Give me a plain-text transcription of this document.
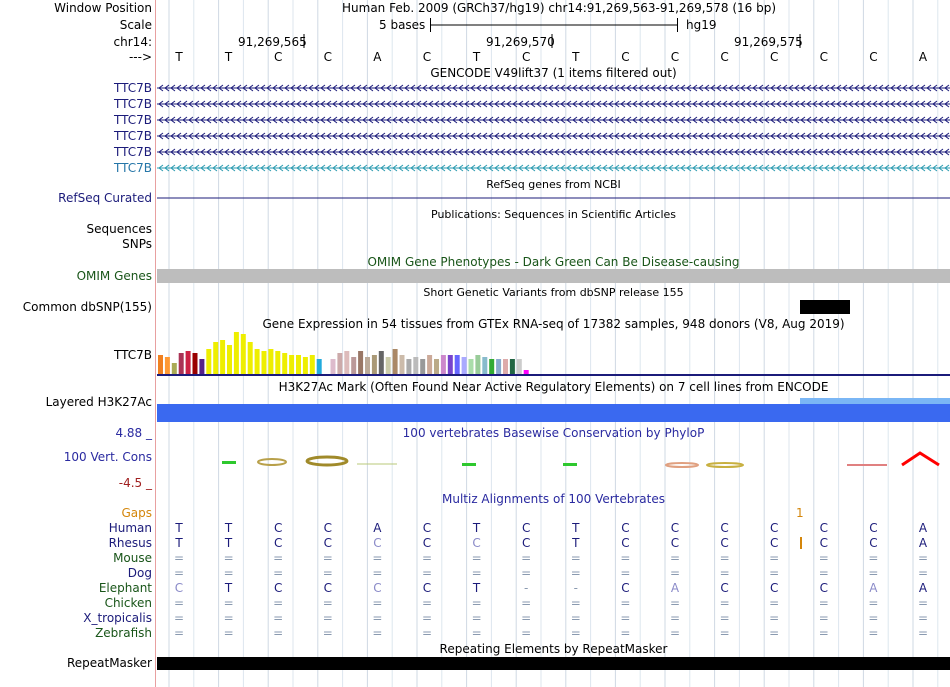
Window Position
Scale
chr14:
--->
Human Feb. 2009 (GRCh37/hg19) chr14:91,269,563-91,269,578 (16 bp)
5 bases	hg19
91,269,565	91,269,570	91,269,575
T	T	C	C	A	C	T	C	T	C	C	C	C	C	C	A
GENCODE V49lift37 (1 items filtered out)
TTC7B
TTC7B
TTC7B
TTC7B
TTC7B
TTC7B
RefSeq genes from NCBI
RefSeq Curated
Publications: Sequences in Scientific Articles
Sequences
SNPs
OMIM Gene Phenotypes - Dark Green Can Be Disease-causing
OMIM Genes
Short Genetic Variants from dbSNP release 155
Common dbSNP(155)
Gene Expression in 54 tissues from GTEx RNA-seq of 17382 samples, 948 donors (V8, Aug 2019)
TTC7B
H3K27Ac Mark (Often Found Near Active Regulatory Elements) on 7 cell lines from ENCODE
Layered H3K27Ac
100 vertebrates Basewise Conservation by PhyloP
4.88 _
100 Vert. Cons
-4.5 _
Multiz Alignments of 100 Vertebrates
Gaps	1
Human	T	T	C	C	A	C	T	C	T	C	C	C	C	C	C	A
Rhesus	T	T	C	C	C	C	C	C	T	C	C	C	C	C	C	A
Mouse =	=	=	=	=	=	=	=	=	=	=	=	=	=	=	=
Dog =	=	=	=	=	=	=	=	=	=	=	=	=	=	=	=
Elephant	C	T	C	C	C	C	T	-	-	C	A	C	C	C	A	A
Chicken =	=	=	=	=	=	=	=	=	=	=	=	=	=	=	=
X_tropicalis =	=	=	=	=	=	=	=	=	=	=	=	=	=	=	=
Zebrafish =	=	=	=	=	=	=	=	=	=	=	=	=	=	=	=
Repeating Elements by RepeatMasker
RepeatMasker
